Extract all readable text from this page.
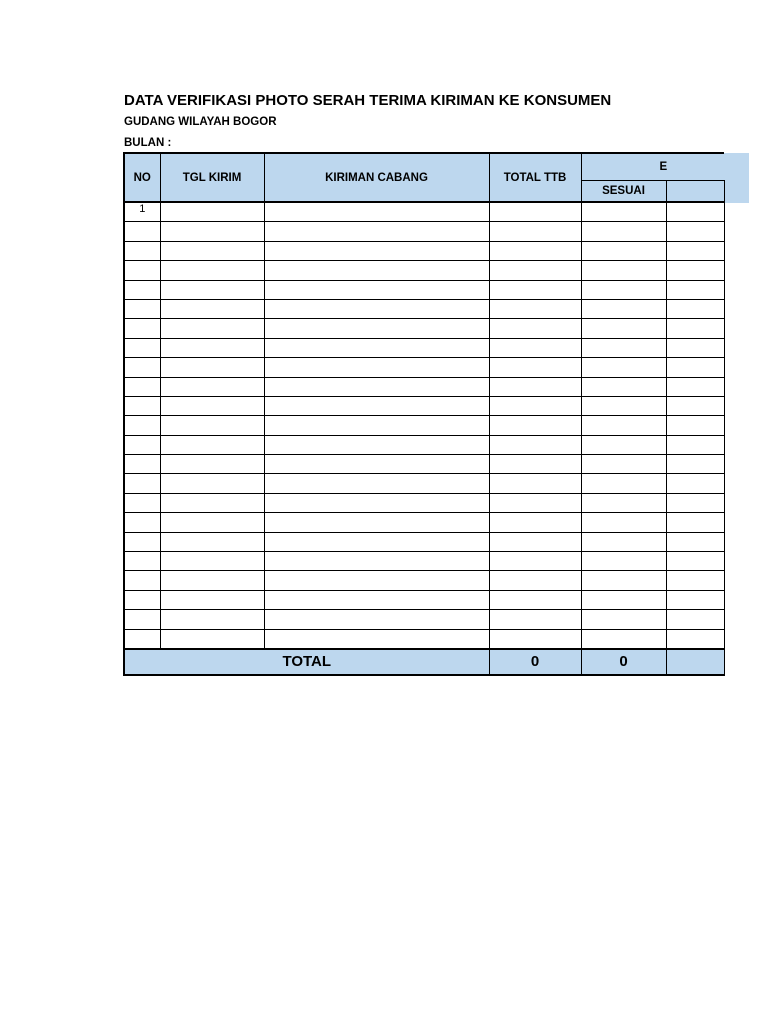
DATA VERIFIKASI PHOTO SERAH TERIMA KIRIMAN KE KONSUMEN
GUDANG WILAYAH BOGOR
BULAN :
NO	TGL KIRIM	KIRIMAN CABANG	TOTAL TTB	E	
				SESUAI	
1					

TOTAL			0	0	
